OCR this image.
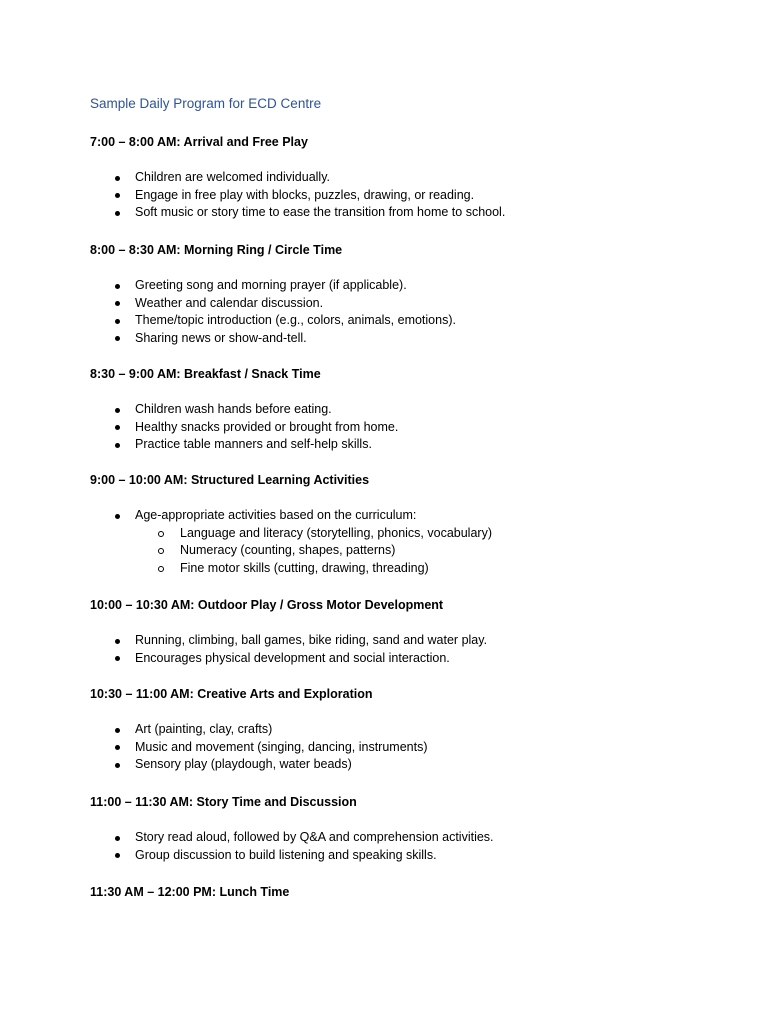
Sample Daily Program for ECD Centre
7:00 – 8:00 AM: Arrival and Free Play
Children are welcomed individually.
Engage in free play with blocks, puzzles, drawing, or reading.
Soft music or story time to ease the transition from home to school.
8:00 – 8:30 AM: Morning Ring / Circle Time
Greeting song and morning prayer (if applicable).
Weather and calendar discussion.
Theme/topic introduction (e.g., colors, animals, emotions).
Sharing news or show-and-tell.
8:30 – 9:00 AM: Breakfast / Snack Time
Children wash hands before eating.
Healthy snacks provided or brought from home.
Practice table manners and self-help skills.
9:00 – 10:00 AM: Structured Learning Activities
Age-appropriate activities based on the curriculum:
Language and literacy (storytelling, phonics, vocabulary)
Numeracy (counting, shapes, patterns)
Fine motor skills (cutting, drawing, threading)
10:00 – 10:30 AM: Outdoor Play / Gross Motor Development
Running, climbing, ball games, bike riding, sand and water play.
Encourages physical development and social interaction.
10:30 – 11:00 AM: Creative Arts and Exploration
Art (painting, clay, crafts)
Music and movement (singing, dancing, instruments)
Sensory play (playdough, water beads)
11:00 – 11:30 AM: Story Time and Discussion
Story read aloud, followed by Q&A and comprehension activities.
Group discussion to build listening and speaking skills.
11:30 AM – 12:00 PM: Lunch Time
